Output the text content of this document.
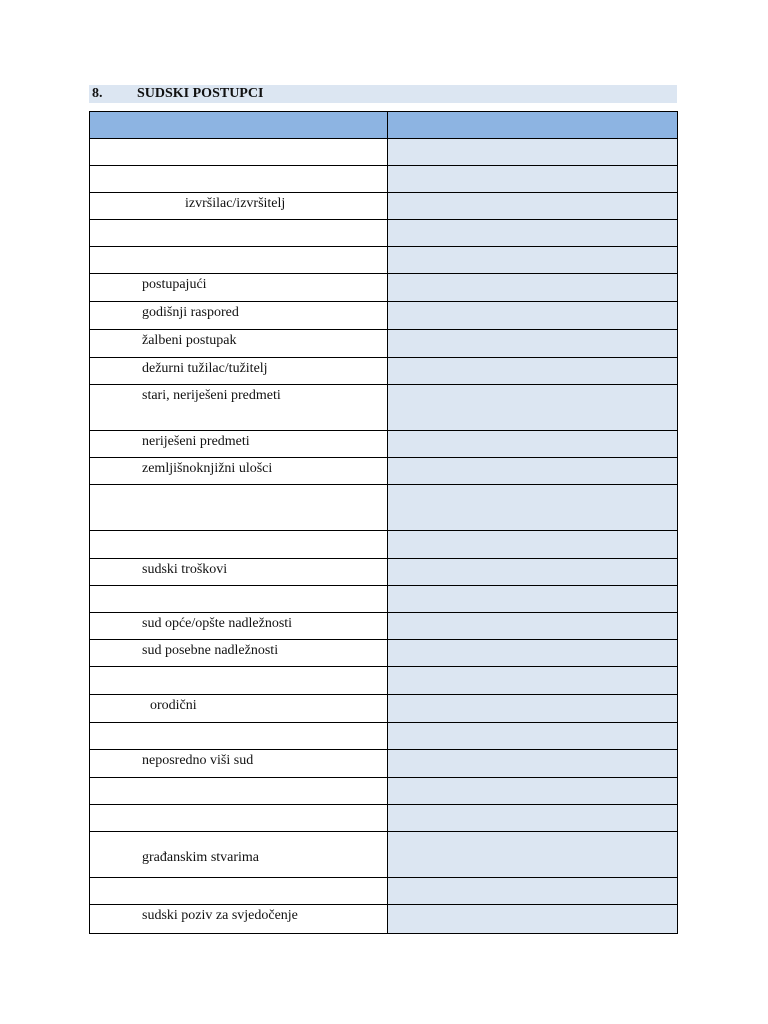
8. SUDSKI POSTUPCI

izvršilac/izvršitelj	

postupajući	

godišnji raspored	

žalbeni postupak	

dežurni tužilac/tužitelj	

stari, neriješeni predmeti	

neriješeni predmeti	

zemljišnoknjižni ulošci	

sudski troškovi	

sud opće/opšte nadležnosti	

sud posebne nadležnosti	

orodični	

neposredno viši sud	

građanskim stvarima	

sudski poziv za svjedočenje	
